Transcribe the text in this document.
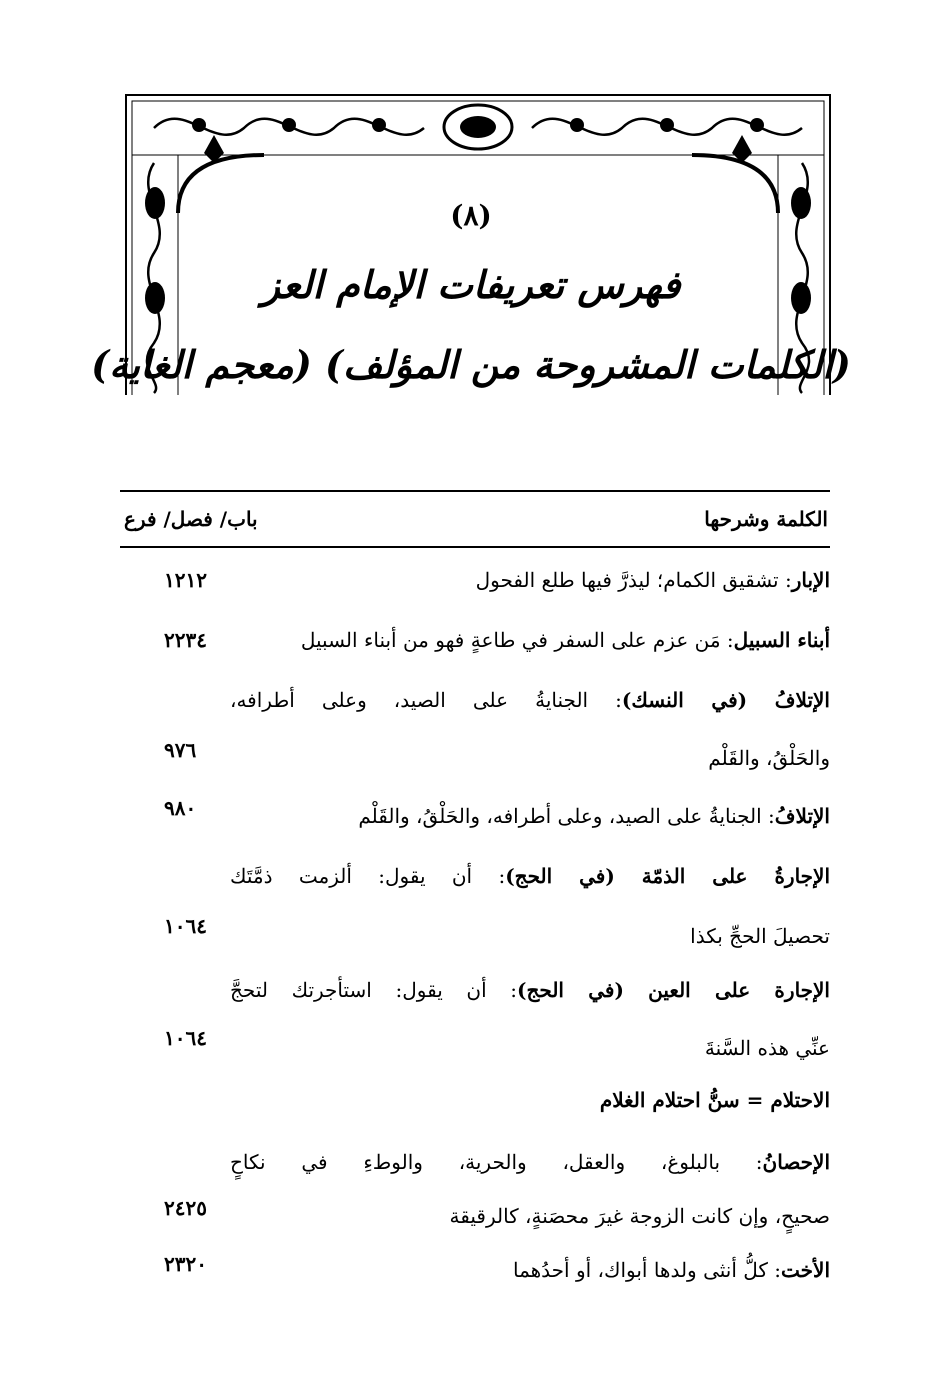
(٨)
فهرس تعريفات الإمام العز
(الكلمات المشروحة من المؤلف) (معجم الغاية)
الكلمة وشرحها
باب/ فصل/ فرع
الإبار: تشقيق الكمام؛ ليذرَّ فيها طلع الفحول
١٢١٢
أبناء السبيل: مَن عزم على السفر في طاعةٍ فهو من أبناء السبيل
٢٢٣٤
الإتلافُ (في النسك): الجنايةُ على الصيد، وعلى أطرافه،
والحَلْقُ، والقَلْم
٩٧٦
الإتلافُ: الجنايةُ على الصيد، وعلى أطرافه، والحَلْقُ، والقَلْم
٩٨٠
الإجارةُ على الذمّة (في الحج): أن يقول: ألزمت ذمَّتَك
تحصيلَ الحجِّ بكذا
١٠٦٤
الإجارة على العين (في الحج): أن يقول: استأجرتك لتحجَّ
عنِّي هذه السَّنةَ
١٠٦٤
الاحتلام = سنُّ احتلام الغلام
الإحصانُ: بالبلوغ، والعقل، والحرية، والوطءِ في نكاحٍ
صحيحٍ، وإن كانت الزوجة غيرَ محصَنةٍ، كالرقيقة
٢٤٢٥
الأخت: كلُّ أنثى ولدها أبواك، أو أحدُهما
٢٣٢٠
